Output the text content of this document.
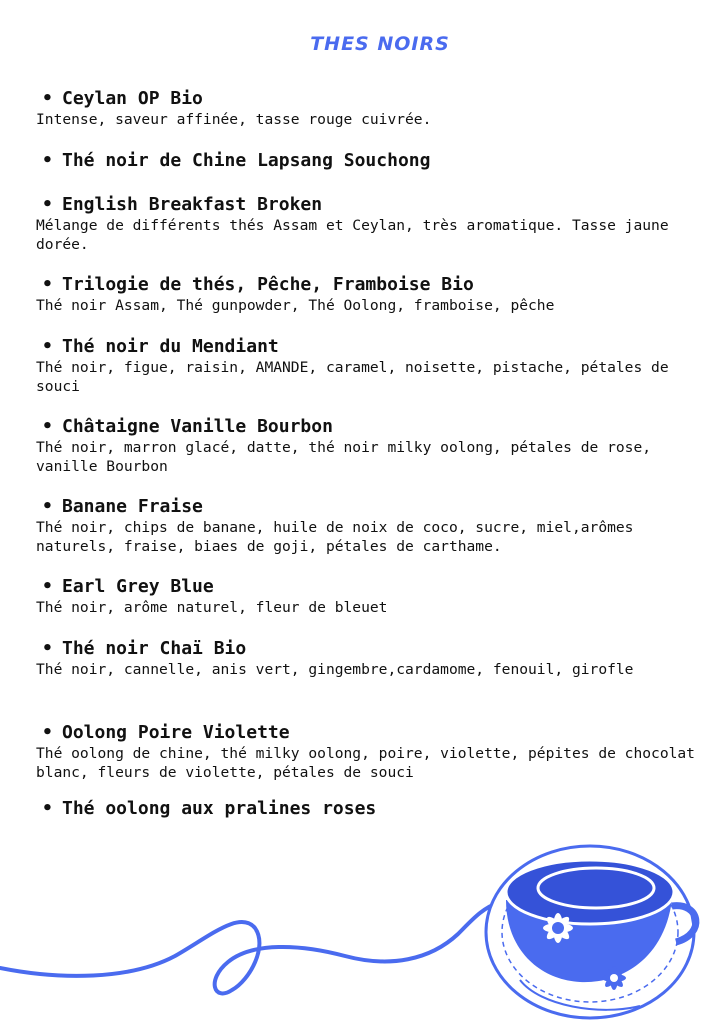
THES NOIRS
• Ceylan OP Bio
Intense, saveur affinée, tasse rouge cuivrée.
• Thé noir de Chine Lapsang Souchong
• English Breakfast Broken
Mélange de différents thés Assam et Ceylan, très aromatique. Tasse jaune dorée.
• Trilogie de thés, Pêche, Framboise Bio
Thé noir Assam, Thé gunpowder, Thé Oolong, framboise, pêche
• Thé noir du Mendiant
Thé noir, figue, raisin, AMANDE, caramel, noisette, pistache, pétales de souci
• Châtaigne Vanille Bourbon
Thé noir, marron glacé, datte, thé noir milky oolong, pétales de rose, vanille Bourbon
• Banane Fraise
Thé noir, chips de banane, huile de noix de coco, sucre, miel,arômes naturels, fraise, biaes de goji, pétales de carthame.
• Earl Grey Blue
Thé noir, arôme naturel, fleur de bleuet
• Thé noir Chaï Bio
Thé noir, cannelle, anis vert, gingembre,cardamome, fenouil, girofle
• Oolong Poire Violette
Thé oolong de chine, thé milky oolong, poire, violette, pépites de chocolat blanc, fleurs de violette, pétales de souci
• Thé oolong aux pralines roses
